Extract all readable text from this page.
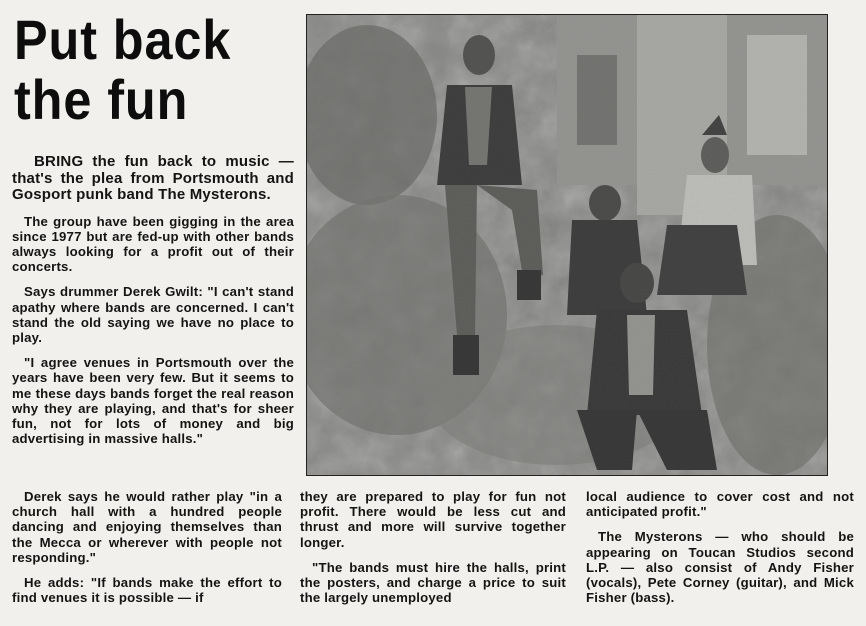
Put back
the fun

BRING the fun back to music — that's the plea from Portsmouth and Gosport punk band The Mysterons.

The group have been gigging in the area since 1977 but are fed-up with other bands always looking for a profit out of their concerts.

Says drummer Derek Gwilt: "I can't stand apathy where bands are concerned. I can't stand the old saying we have no place to play.

"I agree venues in Portsmouth over the years have been very few. But it seems to me these days bands forget the real reason why they are playing, and that's for sheer fun, not for lots of money and big advertising in massive halls."

Derek says he would rather play "in a church hall with a hundred people dancing and enjoying themselves than the Mecca or wherever with people not responding."

He adds: "If bands make the effort to find venues it is possible — if

they are prepared to play for fun not profit. There would be less cut and thrust and more will survive together longer.

"The bands must hire the halls, print the posters, and charge a price to suit the largely unemployed

local audience to cover cost and not anticipated profit."

The Mysterons — who should be appearing on Toucan Studios second L.P. — also consist of Andy Fisher (vocals), Pete Corney (guitar), and Mick Fisher (bass).
